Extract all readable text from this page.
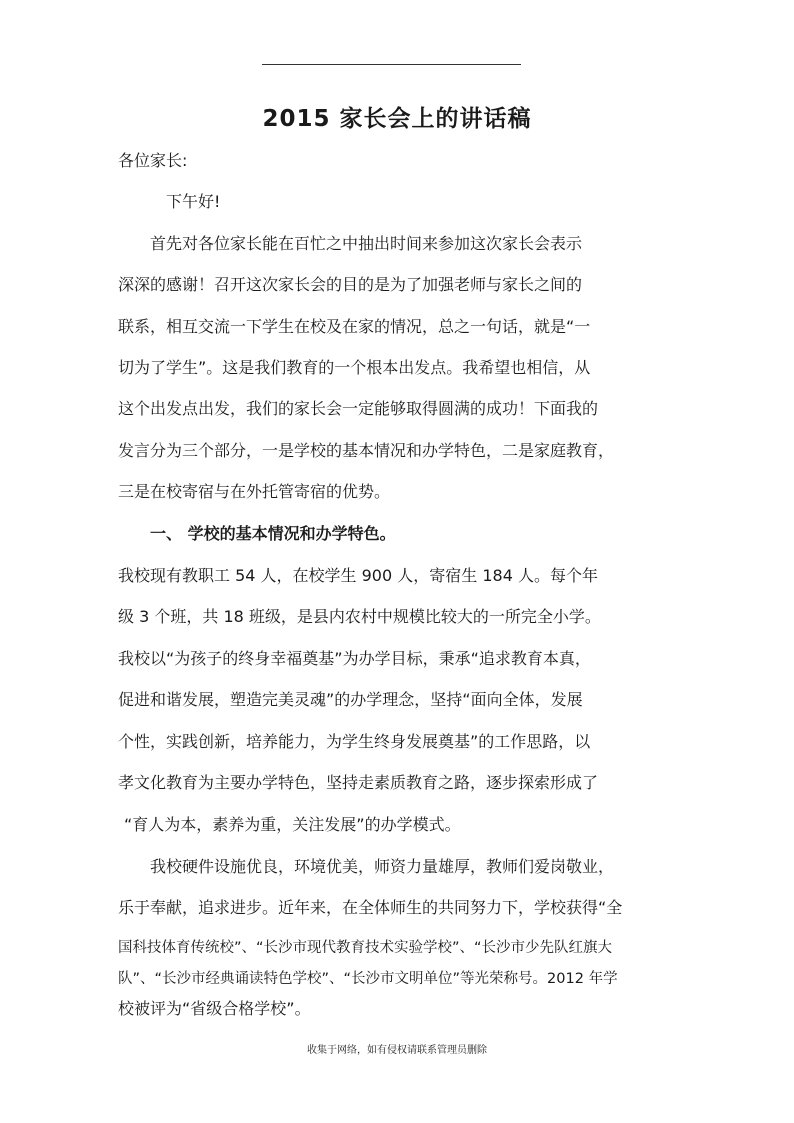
2015 家长会上的讲话稿
各位家长:
下午好!
首先对各位家长能在百忙之中抽出时间来参加这次家长会表示
深深的感谢！召开这次家长会的目的是为了加强老师与家长之间的
联系，相互交流一下学生在校及在家的情况，总之一句话，就是“一
切为了学生”。这是我们教育的一个根本出发点。我希望也相信，从
这个出发点出发，我们的家长会一定能够取得圆满的成功！下面我的
发言分为三个部分，一是学校的基本情况和办学特色，二是家庭教育，
三是在校寄宿与在外托管寄宿的优势。
一、 学校的基本情况和办学特色。
我校现有教职工 54 人，在校学生 900 人，寄宿生 184 人。每个年
级 3 个班，共 18 班级，是县内农村中规模比较大的一所完全小学。
我校以“为孩子的终身幸福奠基”为办学目标，秉承“追求教育本真，
促进和谐发展，塑造完美灵魂”的办学理念，坚持“面向全体，发展
个性，实践创新，培养能力，为学生终身发展奠基”的工作思路，以
孝文化教育为主要办学特色，坚持走素质教育之路，逐步探索形成了
“育人为本，素养为重，关注发展”的办学模式。
我校硬件设施优良，环境优美，师资力量雄厚，教师们爱岗敬业，
乐于奉献，追求进步。近年来，在全体师生的共同努力下，学校获得“全
国科技体育传统校”、“长沙市现代教育技术实验学校”、“长沙市少先队红旗大
队”、“长沙市经典诵读特色学校”、“长沙市文明单位”等光荣称号。2012 年学
校被评为“省级合格学校”。
收集于网络，如有侵权请联系管理员删除
